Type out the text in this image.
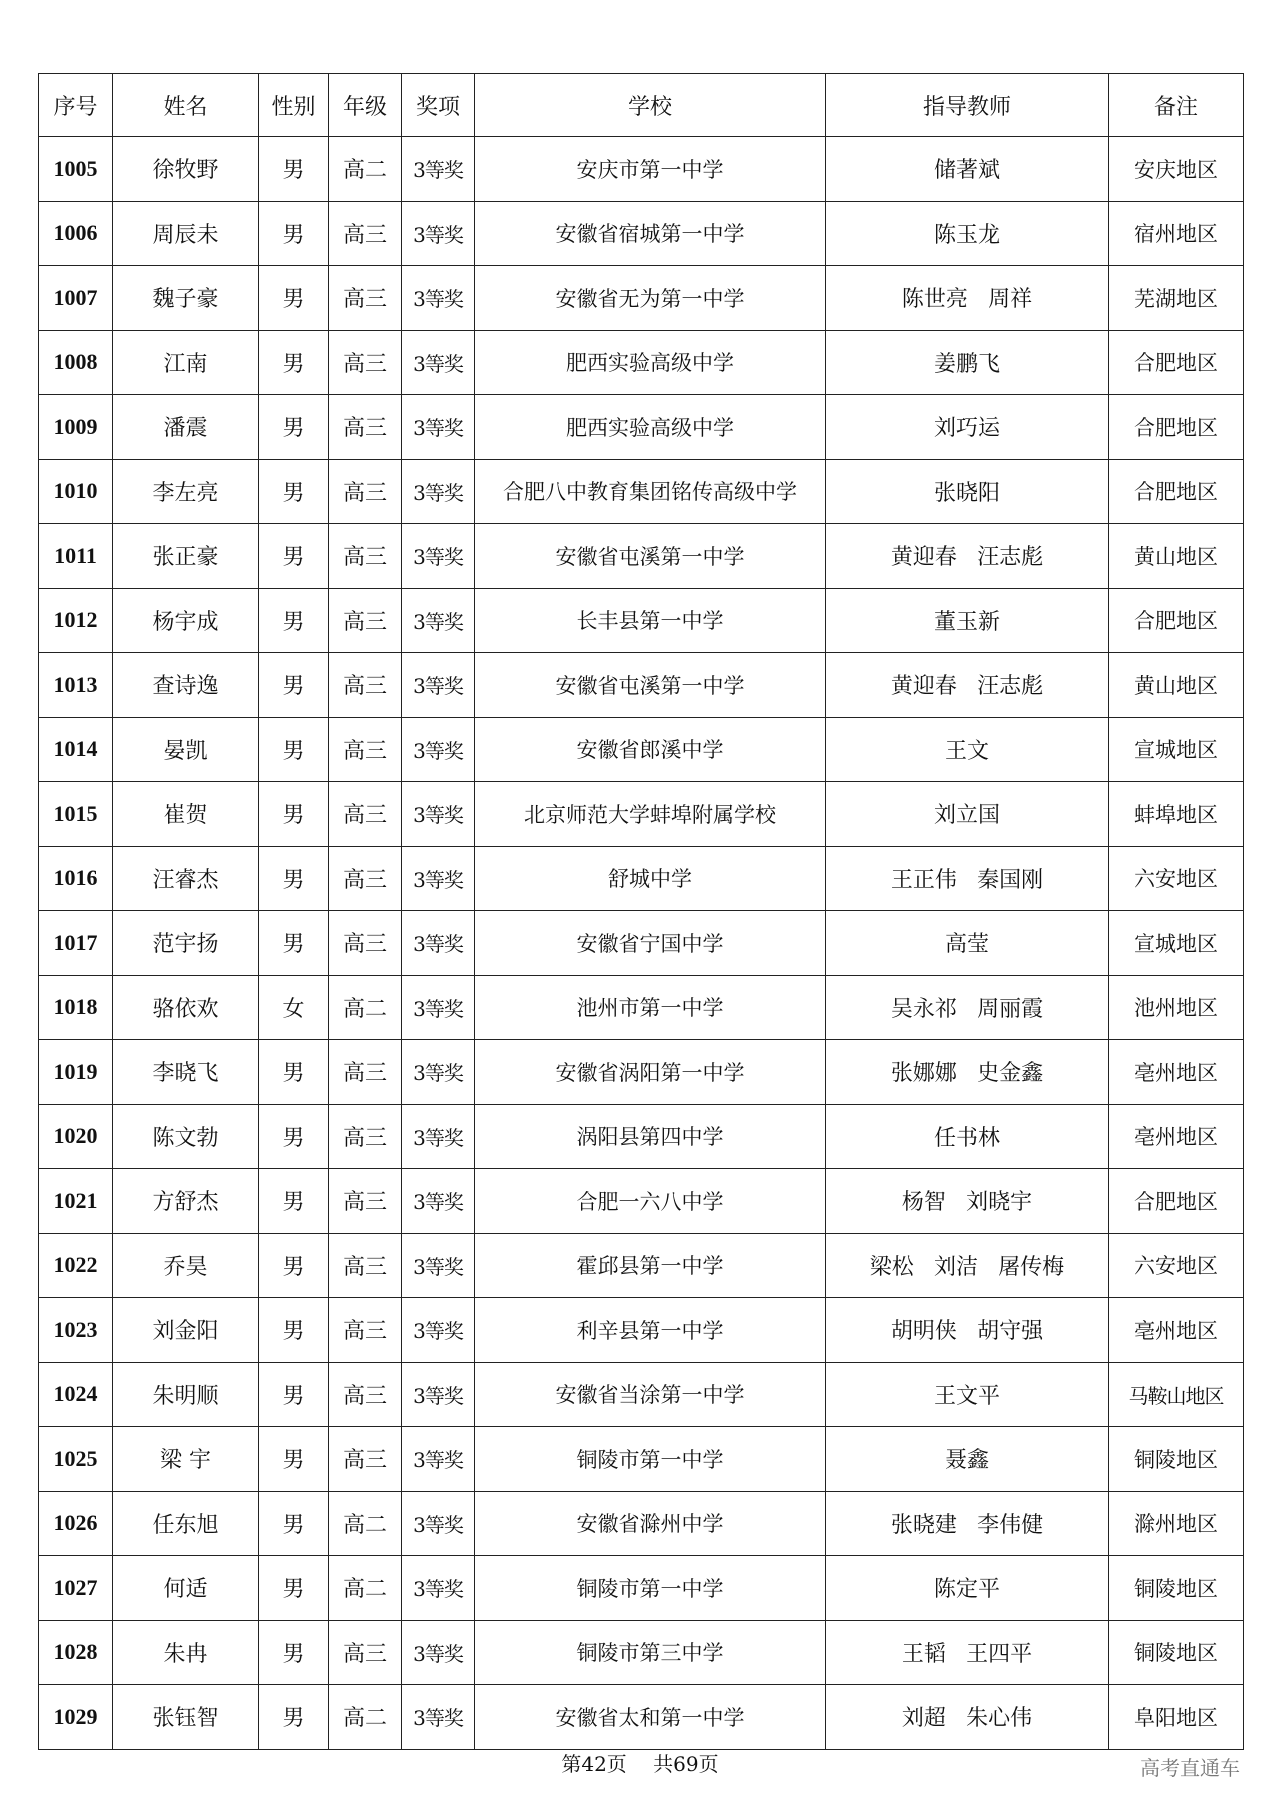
序号	姓名	性别	年级	奖项	学校	指导教师	备注
1005	徐牧野	男	高二	3等奖	安庆市第一中学	储著斌	安庆地区
1006	周辰未	男	高三	3等奖	安徽省宿城第一中学	陈玉龙	宿州地区
1007	魏子豪	男	高三	3等奖	安徽省无为第一中学	陈世亮 周祥	芜湖地区
1008	江南	男	高三	3等奖	肥西实验高级中学	姜鹏飞	合肥地区
1009	潘震	男	高三	3等奖	肥西实验高级中学	刘巧运	合肥地区
1010	李左亮	男	高三	3等奖	合肥八中教育集团铭传高级中学	张晓阳	合肥地区
1011	张正豪	男	高三	3等奖	安徽省屯溪第一中学	黄迎春 汪志彪	黄山地区
1012	杨宇成	男	高三	3等奖	长丰县第一中学	董玉新	合肥地区
1013	查诗逸	男	高三	3等奖	安徽省屯溪第一中学	黄迎春 汪志彪	黄山地区
1014	晏凯	男	高三	3等奖	安徽省郎溪中学	王文	宣城地区
1015	崔贺	男	高三	3等奖	北京师范大学蚌埠附属学校	刘立国	蚌埠地区
1016	汪睿杰	男	高三	3等奖	舒城中学	王正伟 秦国刚	六安地区
1017	范宇扬	男	高三	3等奖	安徽省宁国中学	高莹	宣城地区
1018	骆依欢	女	高二	3等奖	池州市第一中学	吴永祁 周丽霞	池州地区
1019	李晓飞	男	高三	3等奖	安徽省涡阳第一中学	张娜娜 史金鑫	亳州地区
1020	陈文勃	男	高三	3等奖	涡阳县第四中学	任书林	亳州地区
1021	方舒杰	男	高三	3等奖	合肥一六八中学	杨智 刘晓宇	合肥地区
1022	乔昊	男	高三	3等奖	霍邱县第一中学	梁松 刘洁 屠传梅	六安地区
1023	刘金阳	男	高三	3等奖	利辛县第一中学	胡明侠 胡守强	亳州地区
1024	朱明顺	男	高三	3等奖	安徽省当涂第一中学	王文平	马鞍山地区
1025	梁 宇	男	高三	3等奖	铜陵市第一中学	聂鑫	铜陵地区
1026	任东旭	男	高二	3等奖	安徽省滁州中学	张晓建 李伟健	滁州地区
1027	何适	男	高二	3等奖	铜陵市第一中学	陈定平	铜陵地区
1028	朱冉	男	高三	3等奖	铜陵市第三中学	王韬 王四平	铜陵地区
1029	张钰智	男	高二	3等奖	安徽省太和第一中学	刘超 朱心伟	阜阳地区
第42页 共69页	高考直通车
